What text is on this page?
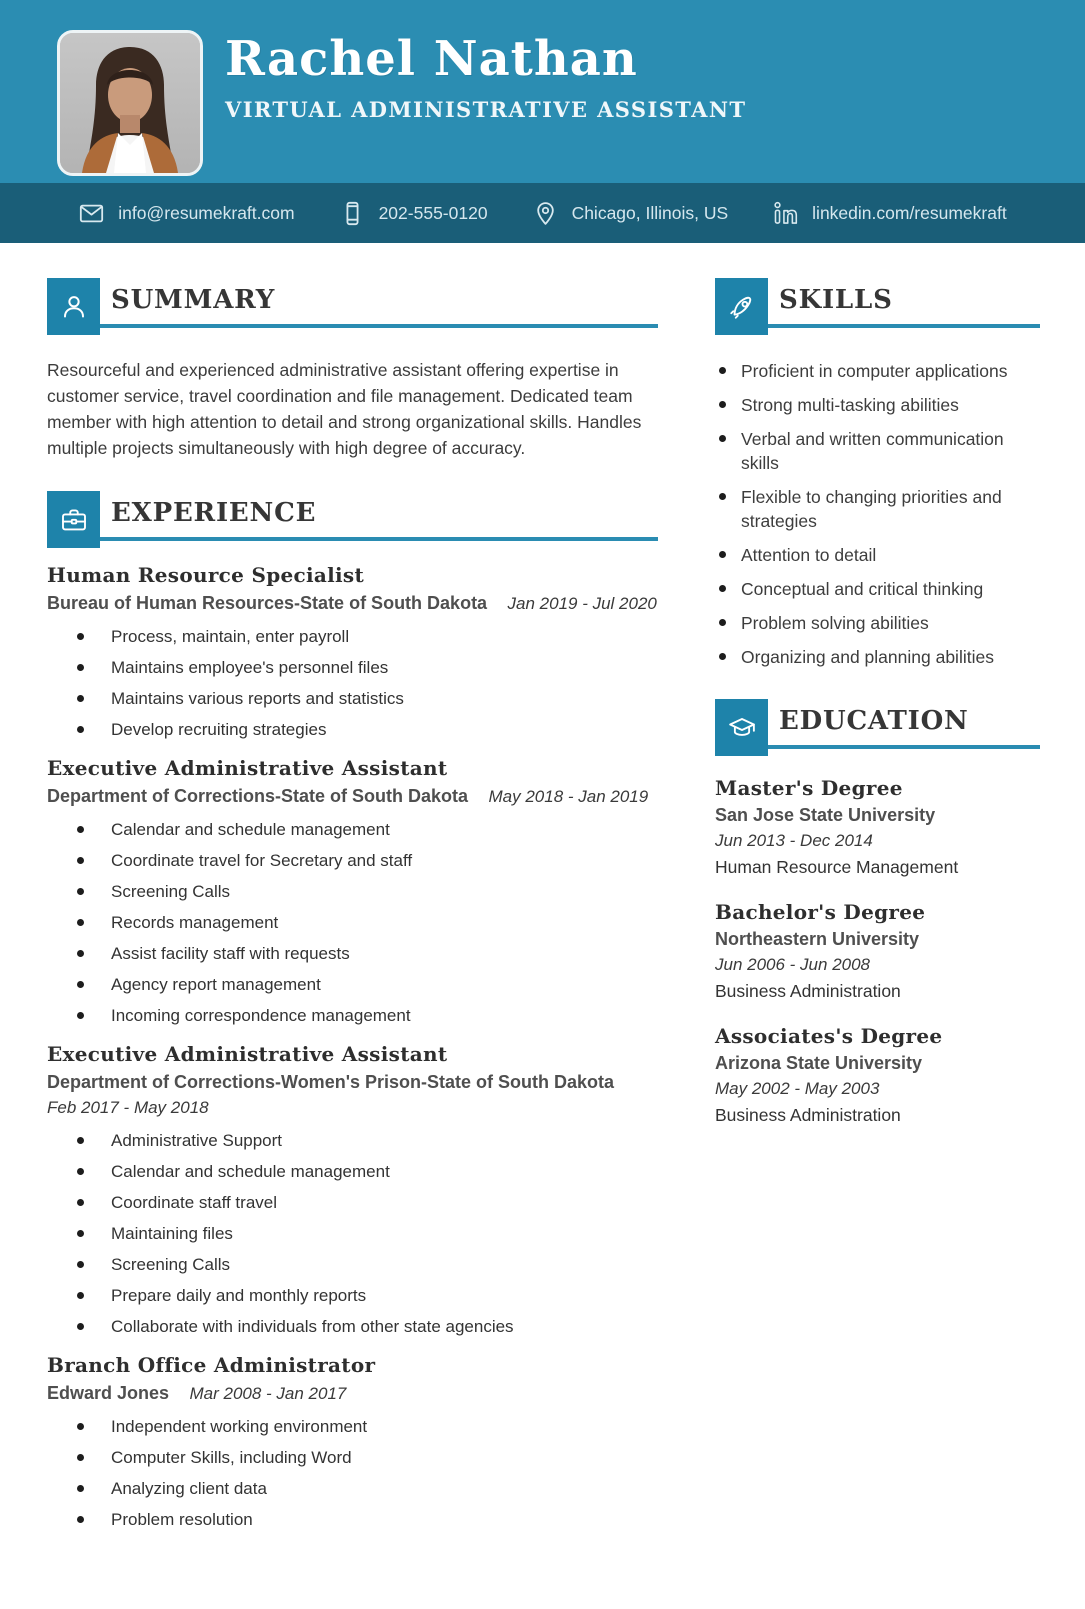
Rachel Nathan
VIRTUAL ADMINISTRATIVE ASSISTANT
info@resumekraft.com	202-555-0120	Chicago, Illinois, US	linkedin.com/resumekraft
SUMMARY

Resourceful and experienced administrative assistant offering expertise in customer service, travel coordination and file management. Dedicated team member with high attention to detail and strong organizational skills. Handles multiple projects simultaneously with high degree of accuracy.

EXPERIENCE
Human Resource Specialist
Bureau of Human Resources-State of South Dakota Jan 2019 - Jul 2020
Process, maintain, enter payroll
Maintains employee's personnel files
Maintains various reports and statistics
Develop recruiting strategies
Executive Administrative Assistant
Department of Corrections-State of South Dakota May 2018 - Jan 2019
Calendar and schedule management
Coordinate travel for Secretary and staff
Screening Calls
Records management
Assist facility staff with requests
Agency report management
Incoming correspondence management
Executive Administrative Assistant
Department of Corrections-Women's Prison-State of South Dakota Feb 2017 - May 2018
Administrative Support
Calendar and schedule management
Coordinate staff travel
Maintaining files
Screening Calls
Prepare daily and monthly reports
Collaborate with individuals from other state agencies
Branch Office Administrator
Edward Jones Mar 2008 - Jan 2017
Independent working environment
Computer Skills, including Word
Analyzing client data
Problem resolution
SKILLS
Proficient in computer applications
Strong multi-tasking abilities
Verbal and written communication skills
Flexible to changing priorities and strategies
Attention to detail
Conceptual and critical thinking
Problem solving abilities
Organizing and planning abilities
EDUCATION
Master's Degree
San Jose State University
Jun 2013 - Dec 2014
Human Resource Management
Bachelor's Degree
Northeastern University
Jun 2006 - Jun 2008
Business Administration
Associates's Degree
Arizona State University
May 2002 - May 2003
Business Administration
